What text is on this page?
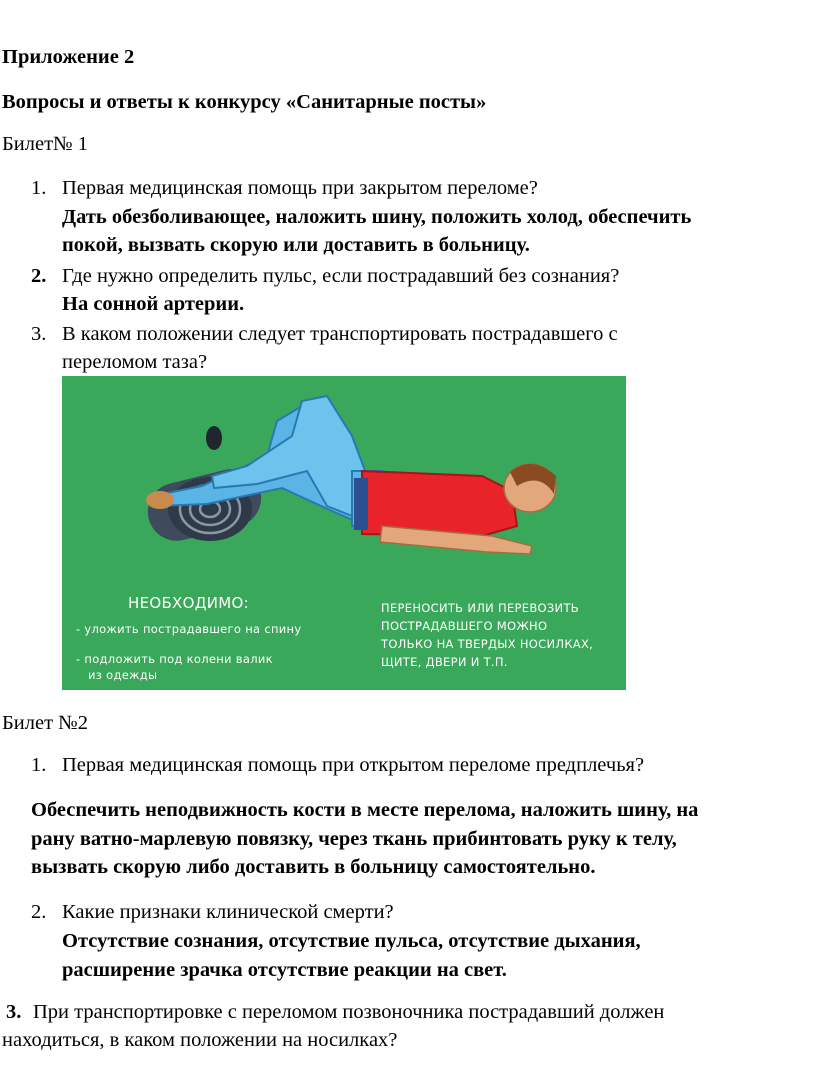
Приложение 2
Вопросы и ответы к конкурсу «Санитарные посты»
Билет№ 1
1. Первая медицинская помощь при закрытом переломе?
Дать обезболивающее, наложить шину, положить холод, обеспечить
покой, вызвать скорую или доставить в больницу.
2. Где нужно определить пульс, если пострадавший без сознания?
На сонной артерии.
3. В каком положении следует транспортировать пострадавшего с
переломом таза?
НЕОБХОДИМО:
- уложить пострадавшего на спину
- подложить под колени валик
из одежды
ПЕРЕНОСИТЬ ИЛИ ПЕРЕВОЗИТЬ
ПОСТРАДАВШЕГО МОЖНО
ТОЛЬКО НА ТВЕРДЫХ НОСИЛКАХ,
ЩИТЕ, ДВЕРИ И Т.П.
Билет №2
1. Первая медицинская помощь при открытом переломе предплечья?
Обеспечить неподвижность кости в месте перелома, наложить шину, на
рану ватно-марлевую повязку, через ткань прибинтовать руку к телу,
вызвать скорую либо доставить в больницу самостоятельно.
2. Какие признаки клинической смерти?
Отсутствие сознания, отсутствие пульса, отсутствие дыхания,
расширение зрачка отсутствие реакции на свет.
3. При транспортировке с переломом позвоночника пострадавший должен
находиться, в каком положении на носилках?
